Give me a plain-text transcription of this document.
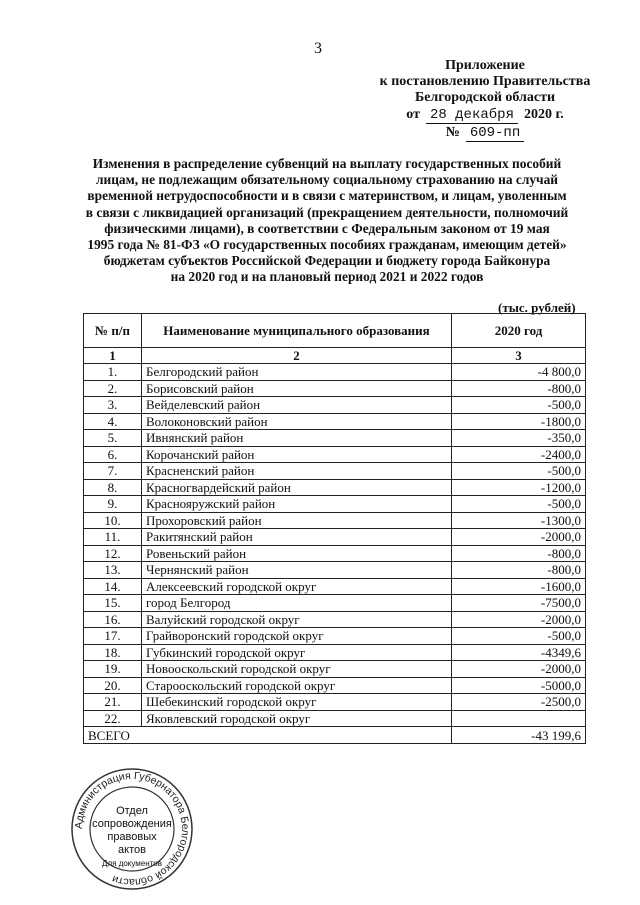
3
Приложение
к постановлению Правительства
Белгородской области
от 28 декабря 2020 г.
№ 609-пп
Изменения в распределение субвенций на выплату государственных пособий
лицам, не подлежащим обязательному социальному страхованию на случай
временной нетрудоспособности и в связи с материнством, и лицам, уволенным
в связи с ликвидацией организаций (прекращением деятельности, полномочий
физическими лицами), в соответствии с Федеральным законом от 19 мая
1995 года № 81-ФЗ «О государственных пособиях гражданам, имеющим детей»
бюджетам субъектов Российской Федерации и бюджету города Байконура
на 2020 год и на плановый период 2021 и 2022 годов
(тыс. рублей)
№ п/п	Наименование муниципального образования	2020 год
1	2	3
1.	Белгородский район	-4 800,0
2.	Борисовский район	-800,0
3.	Вейделевский район	-500,0
4.	Волоконовский район	-1800,0
5.	Ивнянский район	-350,0
6.	Корочанский район	-2400,0
7.	Красненский район	-500,0
8.	Красногвардейский район	-1200,0
9.	Краснояружский район	-500,0
10.	Прохоровский район	-1300,0
11.	Ракитянский район	-2000,0
12.	Ровеньский район	-800,0
13.	Чернянский район	-800,0
14.	Алексеевский городской округ	-1600,0
15.	город Белгород	-7500,0
16.	Валуйский городской округ	-2000,0
17.	Грайворонский городской округ	-500,0
18.	Губкинский городской округ	-4349,6
19.	Новооскольский городской округ	-2000,0
20.	Старооскольский городской округ	-5000,0
21.	Шебекинский городской округ	-2500,0
22.	Яковлевский городской округ	
ВСЕГО		-43 199,6
Администрация Губернатора Белгородской области
Отдел
сопровождения
правовых
актов
Для документов
